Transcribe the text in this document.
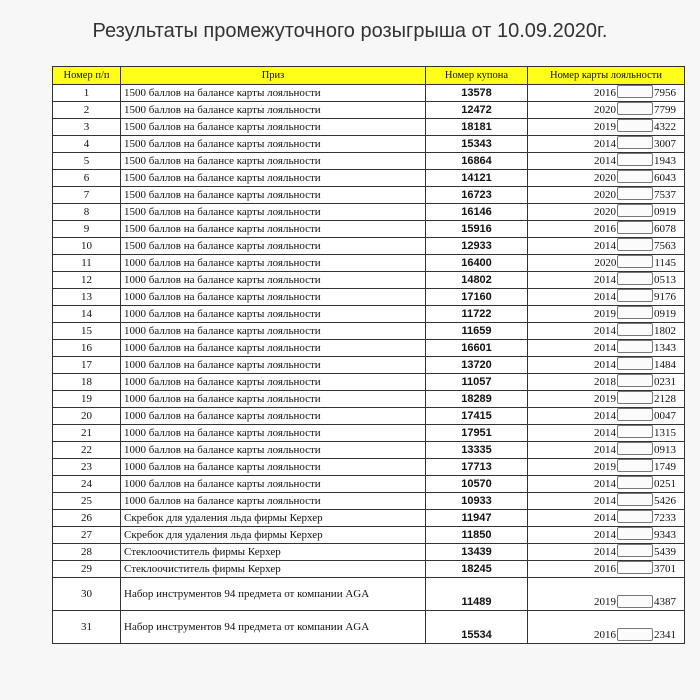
Результаты промежуточного розыгрыша от 10.09.2020г.
Номер п/п	Приз	Номер купона	Номер карты лояльности
1	1500 баллов на балансе карты лояльности	13578	2016 7956
2	1500 баллов на балансе карты лояльности	12472	2020 7799
3	1500 баллов на балансе карты лояльности	18181	2019 4322
4	1500 баллов на балансе карты лояльности	15343	2014 3007
5	1500 баллов на балансе карты лояльности	16864	2014 1943
6	1500 баллов на балансе карты лояльности	14121	2020 6043
7	1500 баллов на балансе карты лояльности	16723	2020 7537
8	1500 баллов на балансе карты лояльности	16146	2020 0919
9	1500 баллов на балансе карты лояльности	15916	2016 6078
10	1500 баллов на балансе карты лояльности	12933	2014 7563
11	1000 баллов на балансе карты лояльности	16400	2020 1145
12	1000 баллов на балансе карты лояльности	14802	2014 0513
13	1000 баллов на балансе карты лояльности	17160	2014 9176
14	1000 баллов на балансе карты лояльности	11722	2019 0919
15	1000 баллов на балансе карты лояльности	11659	2014 1802
16	1000 баллов на балансе карты лояльности	16601	2014 1343
17	1000 баллов на балансе карты лояльности	13720	2014 1484
18	1000 баллов на балансе карты лояльности	11057	2018 0231
19	1000 баллов на балансе карты лояльности	18289	2019 2128
20	1000 баллов на балансе карты лояльности	17415	2014 0047
21	1000 баллов на балансе карты лояльности	17951	2014 1315
22	1000 баллов на балансе карты лояльности	13335	2014 0913
23	1000 баллов на балансе карты лояльности	17713	2019 1749
24	1000 баллов на балансе карты лояльности	10570	2014 0251
25	1000 баллов на балансе карты лояльности	10933	2014 5426
26	Скребок для удаления льда фирмы Керхер	11947	2014 7233
27	Скребок для удаления льда фирмы Керхер	11850	2014 9343
28	Стеклоочиститель фирмы Керхер	13439	2014 5439
29	Стеклоочиститель фирмы Керхер	18245	2016 3701
30	Набор инструментов 94 предмета от компании AGA	11489	2019 4387
31	Набор инструментов 94 предмета от компании AGA	15534	2016 2341
